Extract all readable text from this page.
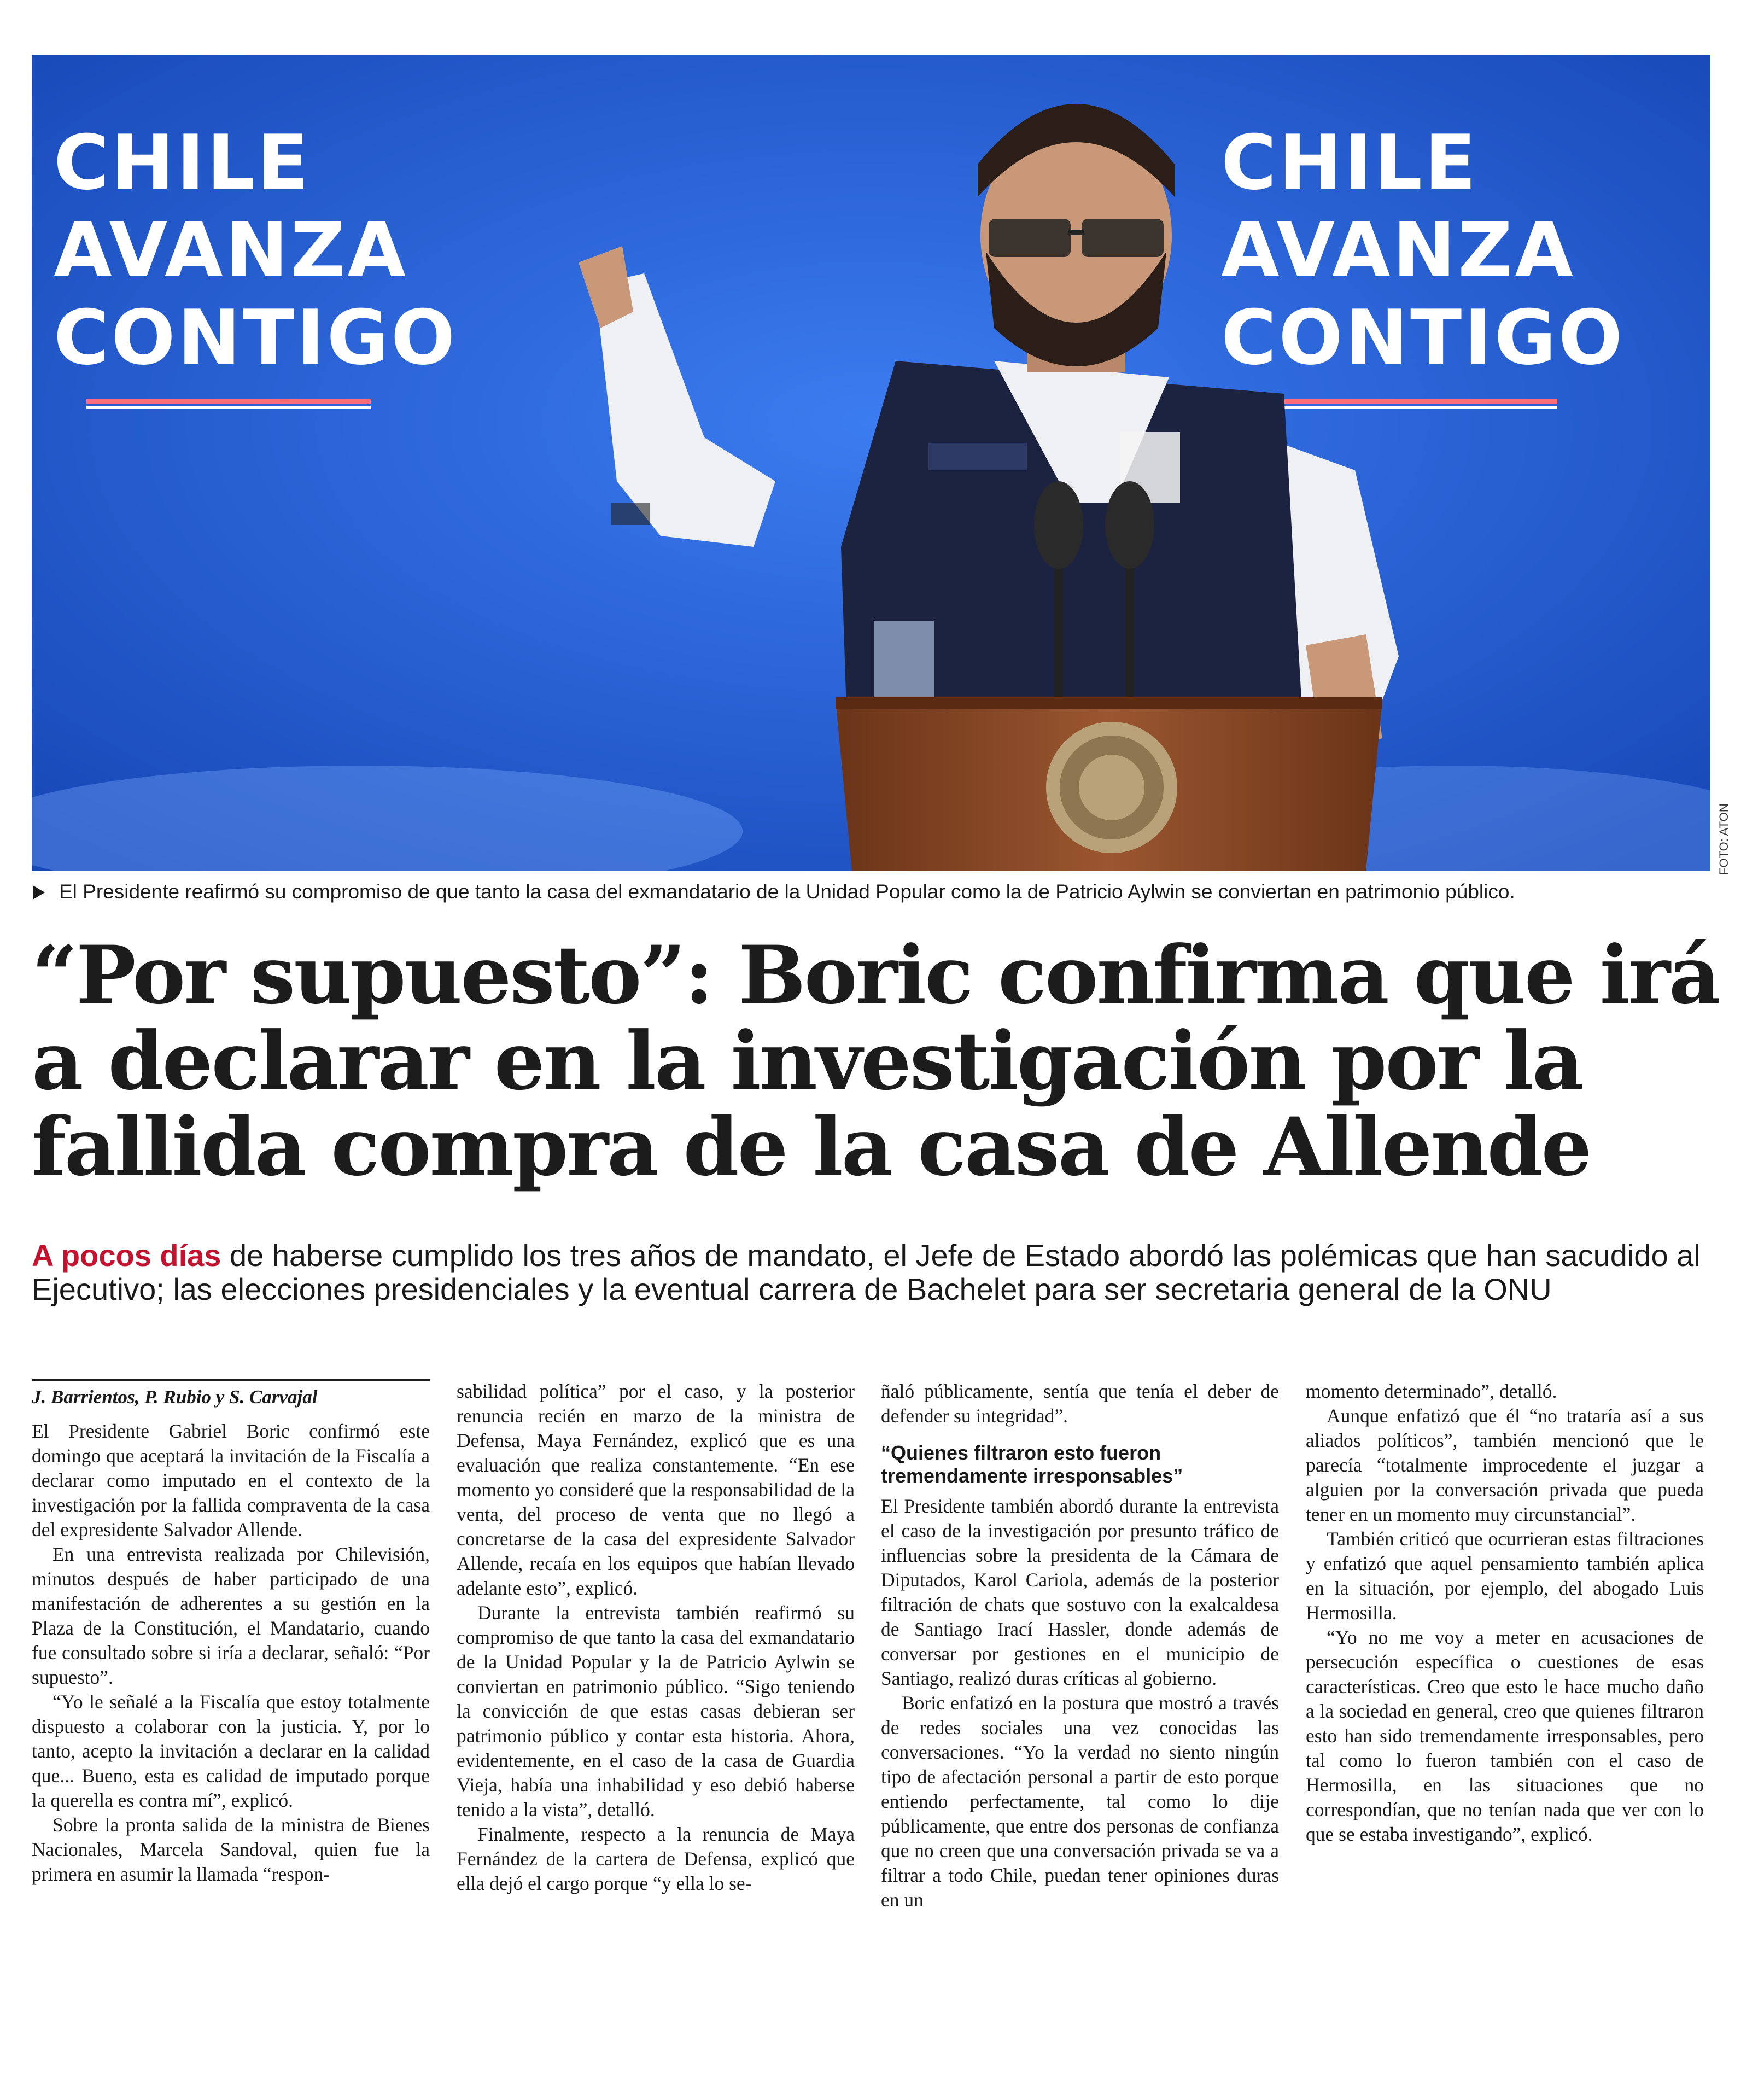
CHILE
AVANZA
CONTIGO
CHILE
AVANZA
CONTIGO
FOTO: ATON
El Presidente reafirmó su compromiso de que tanto la casa del exmandatario de la Unidad Popular como la de Patricio Aylwin se conviertan en patrimonio público.
“Por supuesto”: Boric confirma que irá a declarar en la investigación por la fallida compra de la casa de Allende
A pocos días de haberse cumplido los tres años de mandato, el Jefe de Estado abordó las polémicas que han sacudido al Ejecutivo; las elecciones presidenciales y la eventual carrera de Bachelet para ser secretaria general de la ONU
J. Barrientos, P. Rubio y S. Carvajal

El Presidente Gabriel Boric confirmó este domingo que aceptará la invitación de la Fiscalía a declarar como imputado en el contexto de la investigación por la fallida compraventa de la casa del expresidente Salvador Allende.

En una entrevista realizada por Chilevisión, minutos después de haber participado de una manifestación de adherentes a su gestión en la Plaza de la Constitución, el Mandatario, cuando fue consultado sobre si iría a declarar, señaló: “Por supuesto”.

“Yo le señalé a la Fiscalía que estoy totalmente dispuesto a colaborar con la justicia. Y, por lo tanto, acepto la invitación a declarar en la calidad que... Bueno, esta es calidad de imputado porque la querella es contra mí”, explicó.

Sobre la pronta salida de la ministra de Bienes Nacionales, Marcela Sandoval, quien fue la primera en asumir la llamada “respon-

sabilidad política” por el caso, y la posterior renuncia recién en marzo de la ministra de Defensa, Maya Fernández, explicó que es una evaluación que realiza constantemente. “En ese momento yo consideré que la responsabilidad de la venta, del proceso de venta que no llegó a concretarse de la casa del expresidente Salvador Allende, recaía en los equipos que habían llevado adelante esto”, explicó.

Durante la entrevista también reafirmó su compromiso de que tanto la casa del exmandatario de la Unidad Popular y la de Patricio Aylwin se conviertan en patrimonio público. “Sigo teniendo la convicción de que estas casas debieran ser patrimonio público y contar esta historia. Ahora, evidentemente, en el caso de la casa de Guardia Vieja, había una inhabilidad y eso debió haberse tenido a la vista”, detalló.

Finalmente, respecto a la renuncia de Maya Fernández de la cartera de Defensa, explicó que ella dejó el cargo porque “y ella lo se-

ñaló públicamente, sentía que tenía el deber de defender su integridad”.

“Quienes filtraron esto fueron tremendamente irresponsables”

El Presidente también abordó durante la entrevista el caso de la investigación por presunto tráfico de influencias sobre la presidenta de la Cámara de Diputados, Karol Cariola, además de la posterior filtración de chats que sostuvo con la exalcaldesa de Santiago Irací Hassler, donde además de conversar por gestiones en el municipio de Santiago, realizó duras críticas al gobierno.

Boric enfatizó en la postura que mostró a través de redes sociales una vez conocidas las conversaciones. “Yo la verdad no siento ningún tipo de afectación personal a partir de esto porque entiendo perfectamente, tal como lo dije públicamente, que entre dos personas de confianza que no creen que una conversación privada se va a filtrar a todo Chile, puedan tener opiniones duras en un

momento determinado”, detalló.

Aunque enfatizó que él “no trataría así a sus aliados políticos”, también mencionó que le parecía “totalmente improcedente el juzgar a alguien por la conversación privada que pueda tener en un momento muy circunstancial”.

También criticó que ocurrieran estas filtraciones y enfatizó que aquel pensamiento también aplica en la situación, por ejemplo, del abogado Luis Hermosilla.

“Yo no me voy a meter en acusaciones de persecución específica o cuestiones de esas características. Creo que esto le hace mucho daño a la sociedad en general, creo que quienes filtraron esto han sido tremendamente irresponsables, pero tal como lo fueron también con el caso de Hermosilla, en las situaciones que no correspondían, que no tenían nada que ver con lo que se estaba investigando”, explicó.
